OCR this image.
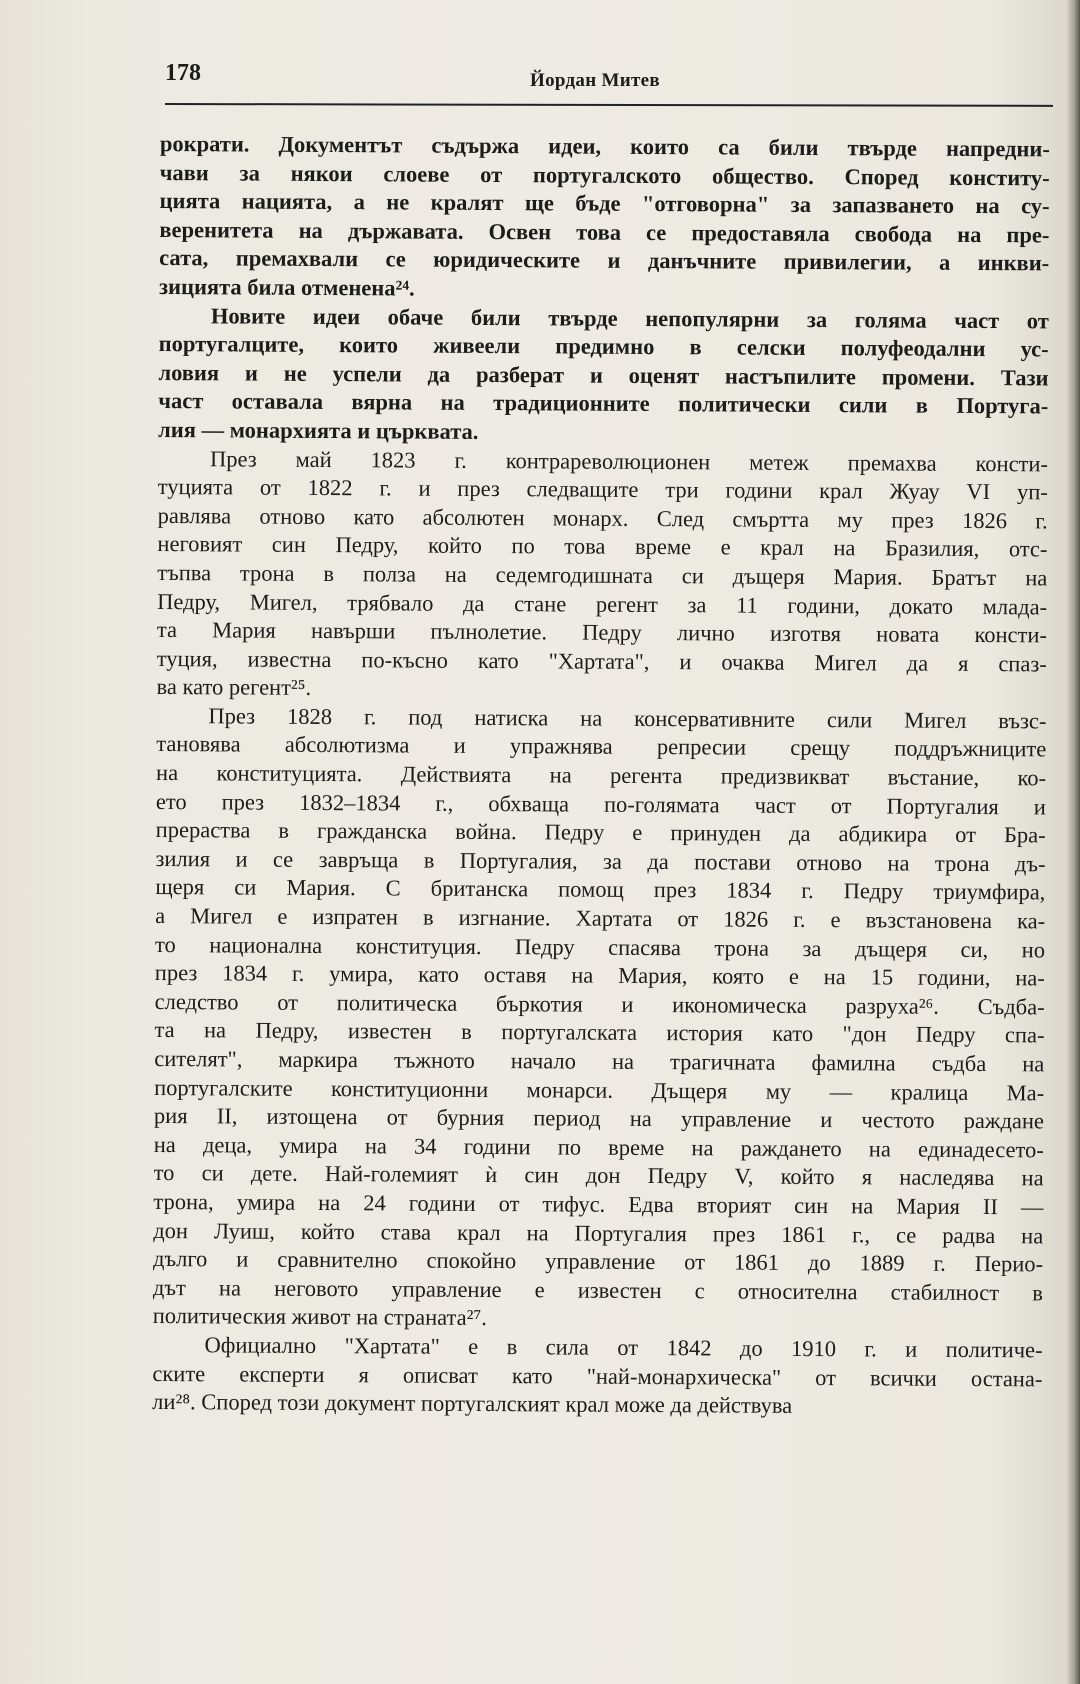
178	Йордан Митев

рократи. Документът съдържа идеи, които са били твърде напредни-
чави за някои слоеве от португалското общество. Според конститу-
цията нацията, а не кралят ще бъде "отговорна" за запазването на су-
веренитета на държавата. Освен това се предоставяла свобода на пре-
сата, премахвали се юридическите и данъчните привилегии, а инкви-
зицията била отменена²⁴.

Новите идеи обаче били твърде непопулярни за голяма част от
португалците, които живеели предимно в селски полуфеодални ус-
ловия и не успели да разберат и оценят настъпилите промени. Тази
част оставала вярна на традиционните политически сили в Португа-
лия — монархията и църквата.

През май 1823 г. контрареволюционен метеж премахва консти-
туцията от 1822 г. и през следващите три години крал Жуау VI уп-
равлява отново като абсолютен монарх. След смъртта му през 1826 г.
неговият син Педру, който по това време е крал на Бразилия, отс-
тъпва трона в полза на седемгодишната си дъщеря Мария. Братът на
Педру, Мигел, трябвало да стане регент за 11 години, докато млада-
та Мария навърши пълнолетие. Педру лично изготвя новата консти-
туция, известна по-късно като "Хартата", и очаква Мигел да я спаз-
ва като регент²⁵.

През 1828 г. под натиска на консервативните сили Мигел възс-
тановява абсолютизма и упражнява репресии срещу поддръжниците
на конституцията. Действията на регента предизвикват въстание, ко-
ето през 1832–1834 г., обхваща по-голямата част от Португалия и
прераства в гражданска война. Педру е принуден да абдикира от Бра-
зилия и се завръща в Португалия, за да постави отново на трона дъ-
щеря си Мария. С британска помощ през 1834 г. Педру триумфира,
а Мигел е изпратен в изгнание. Хартата от 1826 г. е възстановена ка-
то национална конституция. Педру спасява трона за дъщеря си, но
през 1834 г. умира, като оставя на Мария, която е на 15 години, на-
следство от политическа бъркотия и икономическа разруха²⁶. Съдба-
та на Педру, известен в португалската история като "дон Педру спа-
сителят", маркира тъжното начало на трагичната фамилна съдба на
португалските конституционни монарси. Дъщеря му — кралица Ма-
рия II, изтощена от бурния период на управление и честото раждане
на деца, умира на 34 години по време на раждането на единадесето-
то си дете. Най-големият ѝ син дон Педру V, който я наследява на
трона, умира на 24 години от тифус. Едва вторият син на Мария II —
дон Луиш, който става крал на Португалия през 1861 г., се радва на
дълго и сравнително спокойно управление от 1861 до 1889 г. Перио-
дът на неговото управление е известен с относителна стабилност в
политическия живот на страната²⁷.

Официално "Хартата" е в сила от 1842 до 1910 г. и политиче-
ските експерти я описват като "най-монархическа" от всички остана-
ли²⁸. Според този документ португалският крал може да действува
